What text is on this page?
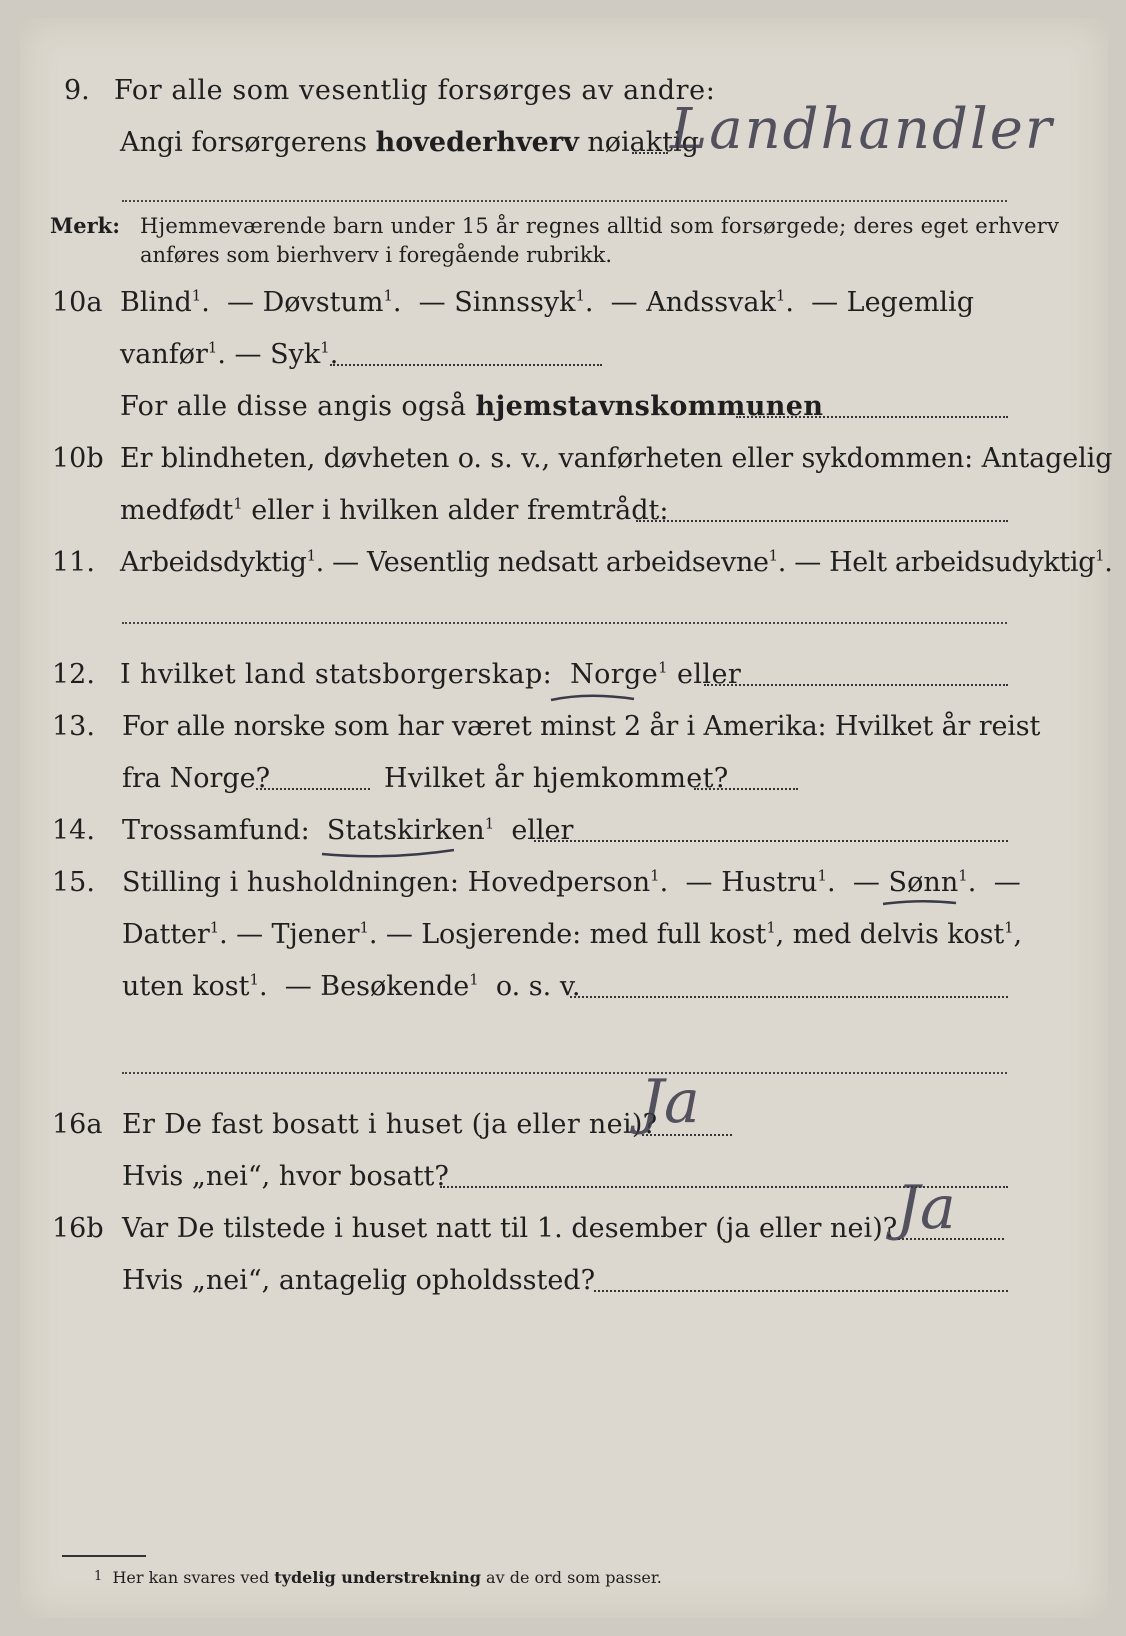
9. For alle som vesentlig forsørges av andre:
Angi forsørgerens hovederhverv nøiaktig
Landhandler
Merk: Hjemmeværende barn under 15 år regnes alltid som forsørgede; deres eget erhverv
anføres som bierhverv i foregående rubrikk.
10a Blind$^1$.  — Døvstum$^1$.  — Sinnssyk$^1$.  — Andssvak$^1$.  — Legemlig
vanfør$^1$. — Syk$^1$.
For alle disse angis også hjemstavnskommunen
10b Er blindheten, døvheten o. s. v., vanførheten eller sykdommen: Antagelig
medfødt$^1$ eller i hvilken alder fremtrådt:
11. Arbeidsdyktig$^1$. — Vesentlig nedsatt arbeidsevne$^1$. — Helt arbeidsudyktig$^1$.
12. I hvilket land statsborgerskap: Norge$^1$ eller
13. For alle norske som har været minst 2 år i Amerika: Hvilket år reist
fra Norge?	Hvilket år hjemkommet?
14. Trossamfund: Statskirken$^1$ eller
15. Stilling i husholdningen: Hovedperson$^1$.  — Hustru$^1$.  — Sønn$^1$.  —
Datter$^1$. — Tjener$^1$. — Losjerende: med full kost$^1$, med delvis kost$^1$,
uten kost$^1$.  — Besøkende$^1$ o. s. v.
16a Er De fast bosatt i huset (ja eller nei)?
Ja
Hvis „nei“, hvor bosatt?
16b Var De tilstede i huset natt til 1. desember (ja eller nei)?
Ja
Hvis „nei“, antagelig opholdssted?
1 Her kan svares ved tydelig understrekning av de ord som passer.
